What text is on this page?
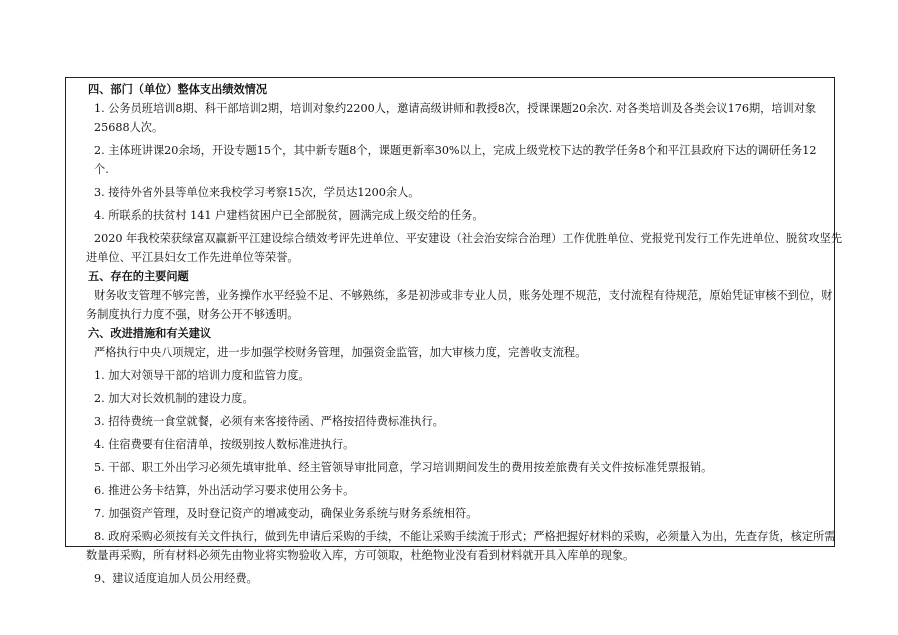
四、部门（单位）整体支出绩效情况
1. 公务员班培训8期、科干部培训2期，培训对象约2200人，邀请高级讲师和教授8次，授课课题20余次. 对各类培训及各类会议176期，培训对象25688人次。
2. 主体班讲课20余场，开设专题15个，其中新专题8个，课题更新率30%以上，完成上级党校下达的教学任务8个和平江县政府下达的调研任务12个.
3. 接待外省外县等单位来我校学习考察15次，学员达1200余人。
4. 所联系的扶贫村 141 户建档贫困户已全部脱贫，圆满完成上级交给的任务。
2020 年我校荣获绿富双赢新平江建设综合绩效考评先进单位、平安建设（社会治安综合治理）工作优胜单位、党报党刊发行工作先进单位、脱贫攻坚先
进单位、平江县妇女工作先进单位等荣誉。
五、存在的主要问题
财务收支管理不够完善，业务操作水平经验不足、不够熟练，多是初涉或非专业人员，账务处理不规范，支付流程有待规范，原始凭证审核不到位，财
务制度执行力度不强，财务公开不够透明。
六、改进措施和有关建议
严格执行中央八项规定，进一步加强学校财务管理，加强资金监管，加大审核力度，完善收支流程。
1. 加大对领导干部的培训力度和监管力度。
2. 加大对长效机制的建设力度。
3. 招待费统一食堂就餐，必须有来客接待函、严格按招待费标准执行。
4. 住宿费要有住宿清单，按级别按人数标准进执行。
5. 干部、职工外出学习必须先填审批单、经主管领导审批同意，学习培训期间发生的费用按差旅费有关文件按标准凭票报销。
6. 推进公务卡结算，外出活动学习要求使用公务卡。
7. 加强资产管理，及时登记资产的增减变动，确保业务系统与财务系统相符。
8. 政府采购必须按有关文件执行，做到先申请后采购的手续，不能让采购手续流于形式；严格把握好材料的采购，必须量入为出，先查存货，核定所需
数量再采购，所有材料必须先由物业将实物验收入库，方可领取，杜绝物业没有看到材料就开具入库单的现象。
9、建议适度追加人员公用经费。
